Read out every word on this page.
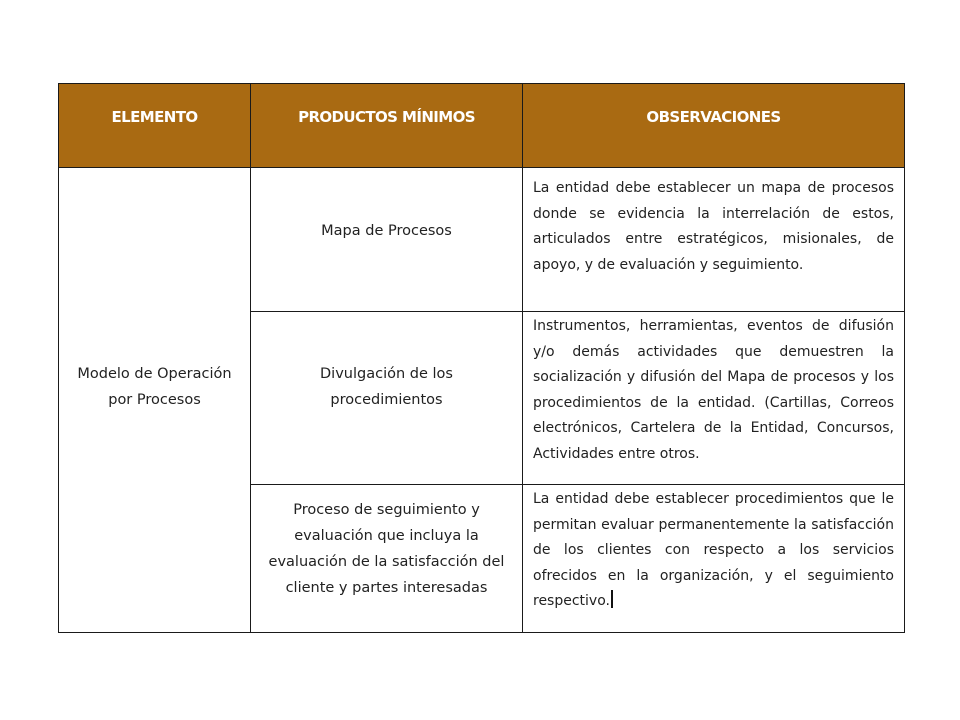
ELEMENTO	PRODUCTOS MÍNIMOS	OBSERVACIONES
Modelo de Operación por Procesos	Mapa de Procesos	La entidad debe establecer un mapa de procesos donde se evidencia la interrelación de estos, articulados entre estratégicos, misionales, de apoyo, y de evaluación y seguimiento.
	Divulgación de los procedimientos	Instrumentos, herramientas, eventos de difusión y/o demás actividades que demuestren la socialización y difusión del Mapa de procesos y los procedimientos de la entidad. (Cartillas, Correos electrónicos, Cartelera de la Entidad, Concursos, Actividades entre otros.
	Proceso de seguimiento y evaluación que incluya la evaluación de la satisfacción del cliente y partes interesadas	La entidad debe establecer procedimientos que le permitan evaluar permanentemente la satisfacción de los clientes con respecto a los servicios ofrecidos en la organización, y el seguimiento respectivo.
